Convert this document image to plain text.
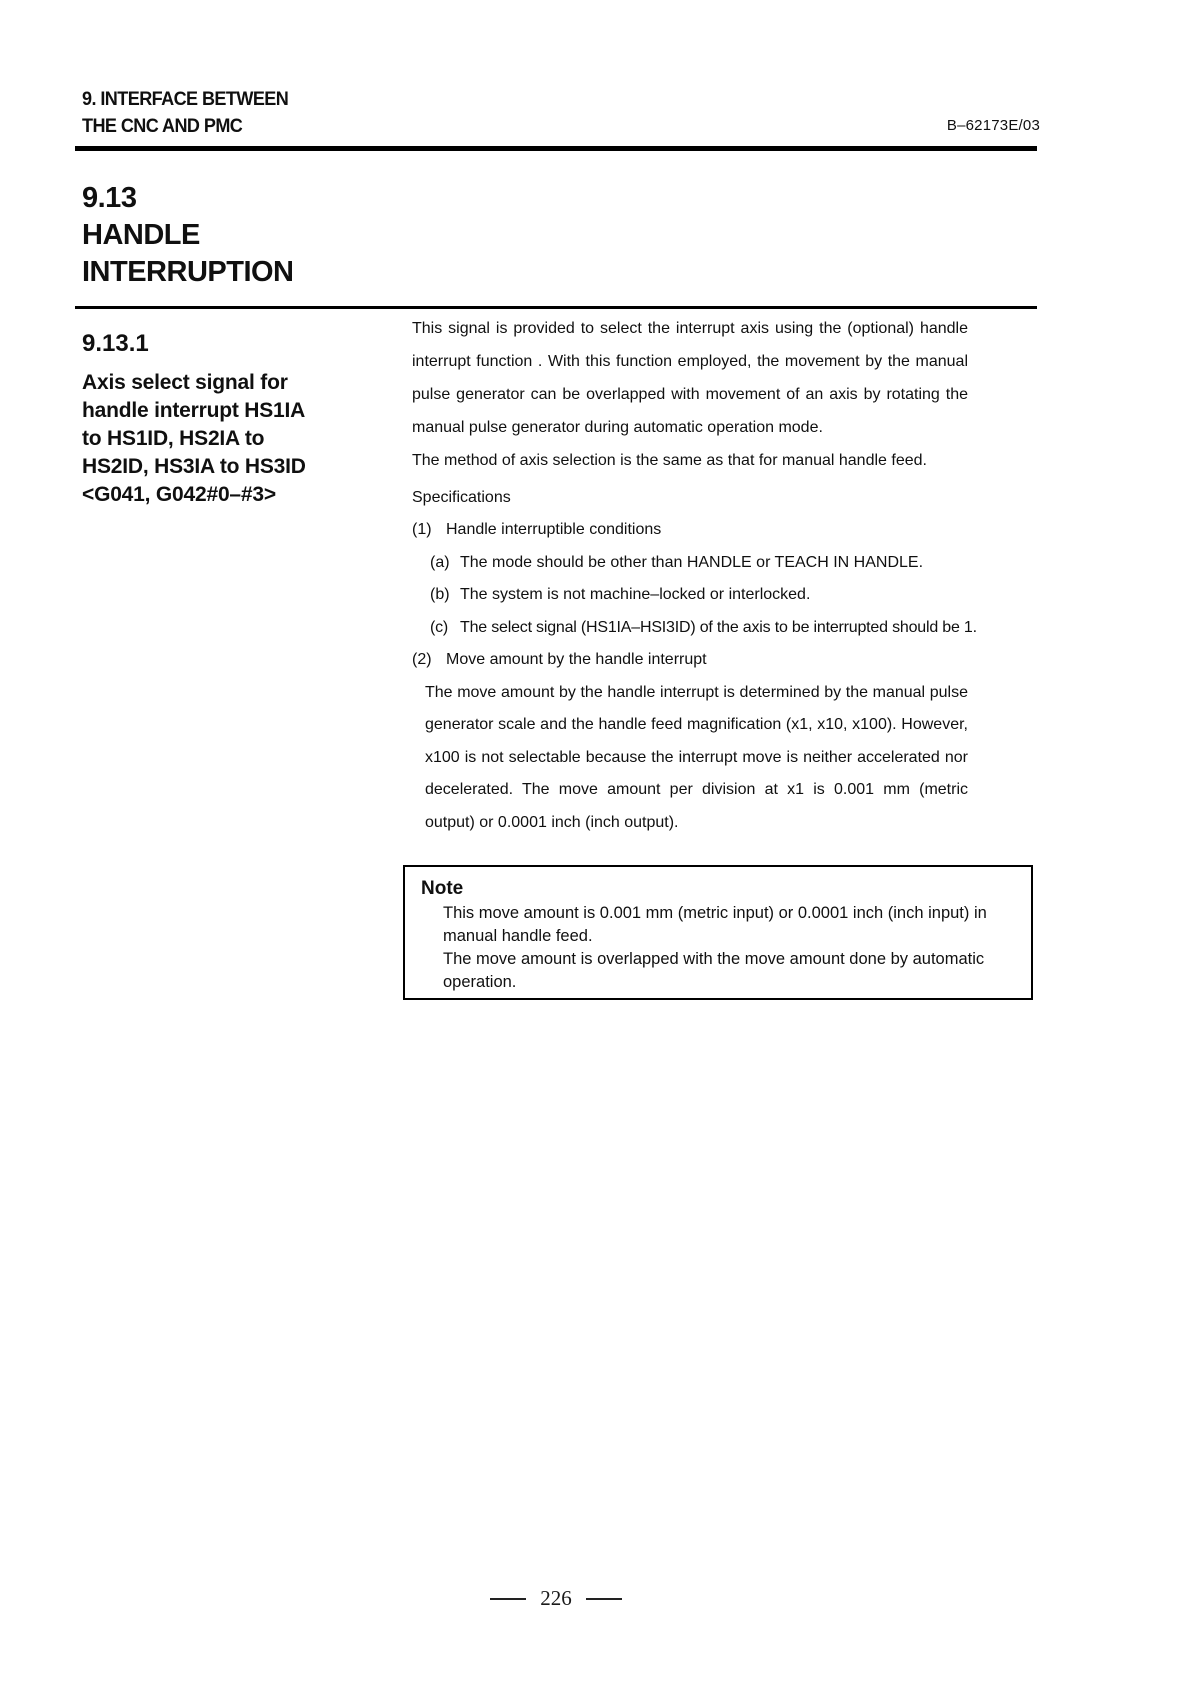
9. INTERFACE BETWEEN
THE CNC AND PMC	B–62173E/03
9.13
HANDLE
INTERRUPTION
9.13.1
Axis select signal for
handle interrupt HS1IA
to HS1ID, HS2IA to
HS2ID, HS3IA to HS3ID
<G041, G042#0–#3>

This signal is provided to select the interrupt axis using the (optional) handle interrupt function . With this function employed, the movement by the manual pulse generator can be overlapped with movement of an axis by rotating the manual pulse generator during automatic operation mode.

The method of axis selection is the same as that for manual handle feed.

Specifications

(1) Handle interruptible conditions
(a) The mode should be other than HANDLE or TEACH IN HANDLE.
(b) The system is not machine–locked or interlocked.
(c) The select signal (HS1IA–HSI3ID) of the axis to be interrupted should be 1.
(2) Move amount by the handle interrupt

The move amount by the handle interrupt is determined by the manual pulse generator scale and the handle feed magnification (x1, x10, x100). However, x100 is not selectable because the interrupt move is neither accelerated nor decelerated. The move amount per division at x1 is 0.001 mm (metric output) or 0.0001 inch (inch output).

Note

This move amount is 0.001 mm (metric input) or 0.0001 inch (inch input) in manual handle feed.

The move amount is overlapped with the move amount done by automatic operation.

226
